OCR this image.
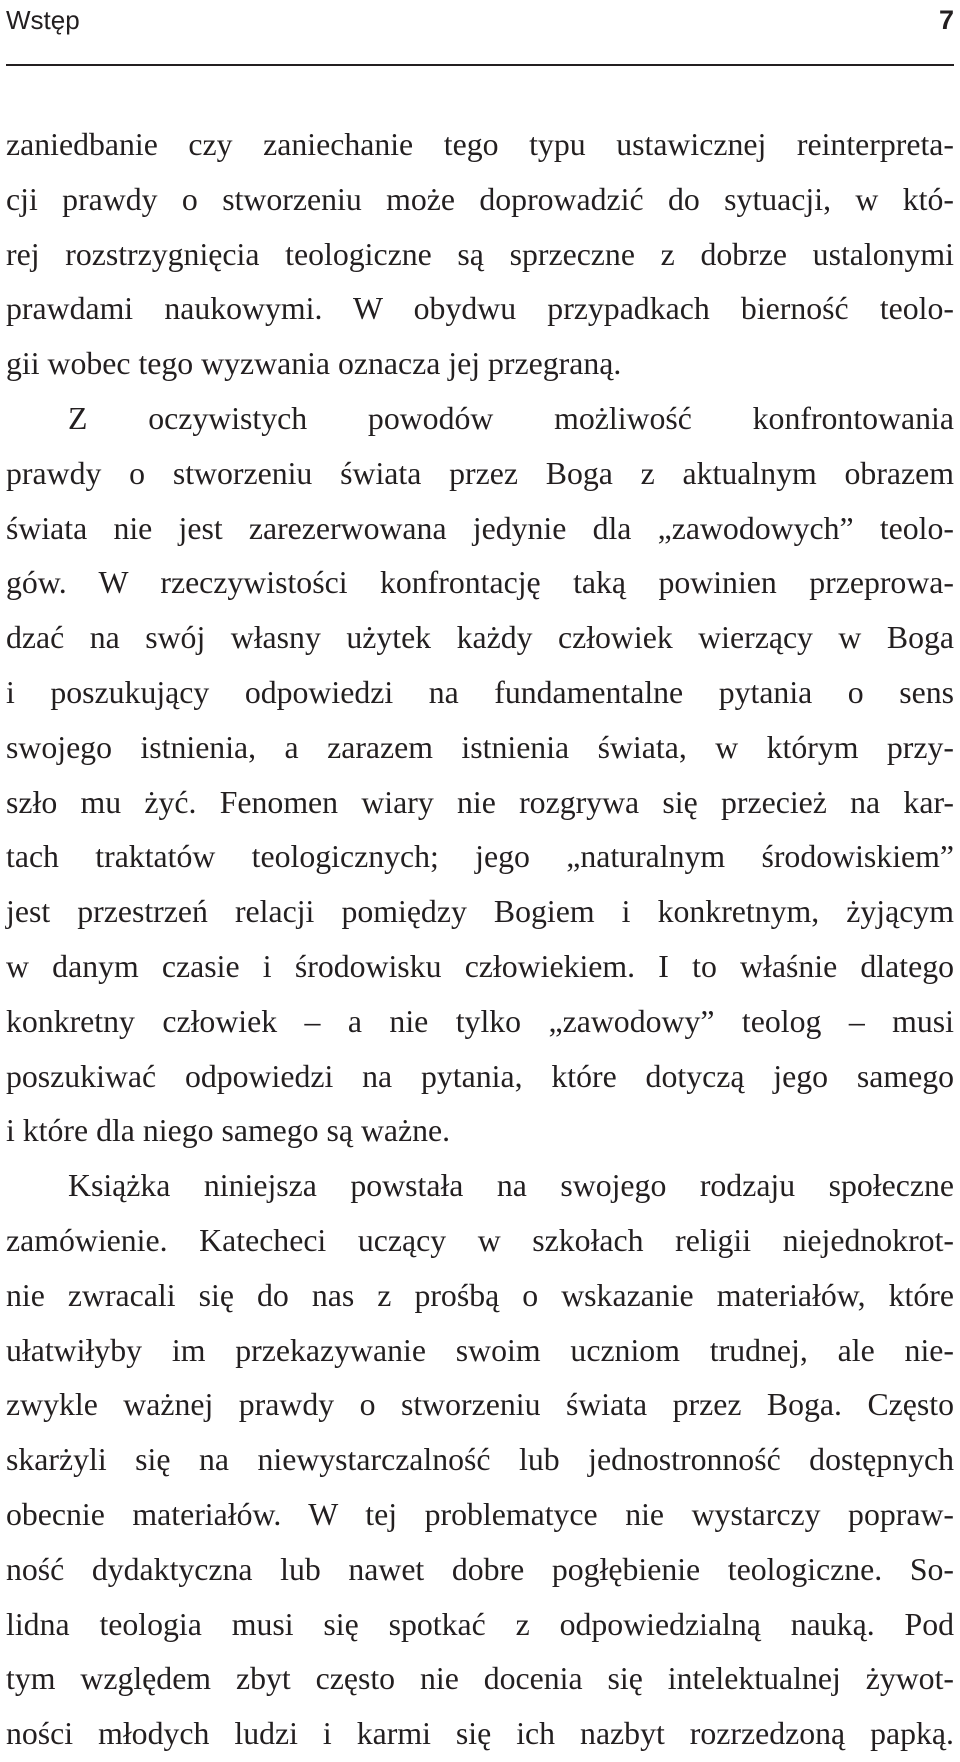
Wstęp	7
zaniedbanie czy zaniechanie tego typu ustawicznej reinterpreta-
cji prawdy o stworzeniu może doprowadzić do sytuacji, w któ-
rej rozstrzygnięcia teologiczne są sprzeczne z dobrze ustalonymi
prawdami naukowymi. W obydwu przypadkach bierność teolo-
gii wobec tego wyzwania oznacza jej przegraną.
Z oczywistych powodów możliwość konfrontowania
prawdy o stworzeniu świata przez Boga z aktualnym obrazem
świata nie jest zarezerwowana jedynie dla „zawodowych” teolo-
gów. W rzeczywistości konfrontację taką powinien przeprowa-
dzać na swój własny użytek każdy człowiek wierzący w Boga
i poszukujący odpowiedzi na fundamentalne pytania o sens
swojego istnienia, a zarazem istnienia świata, w którym przy-
szło mu żyć. Fenomen wiary nie rozgrywa się przecież na kar-
tach traktatów teologicznych; jego „naturalnym środowiskiem”
jest przestrzeń relacji pomiędzy Bogiem i konkretnym, żyjącym
w danym czasie i środowisku człowiekiem. I to właśnie dlatego
konkretny człowiek – a nie tylko „zawodowy” teolog – musi
poszukiwać odpowiedzi na pytania, które dotyczą jego samego
i które dla niego samego są ważne.
Książka niniejsza powstała na swojego rodzaju społeczne
zamówienie. Katecheci uczący w szkołach religii niejednokrot-
nie zwracali się do nas z prośbą o wskazanie materiałów, które
ułatwiłyby im przekazywanie swoim uczniom trudnej, ale nie-
zwykle ważnej prawdy o stworzeniu świata przez Boga. Często
skarżyli się na niewystarczalność lub jednostronność dostępnych
obecnie materiałów. W tej problematyce nie wystarczy popraw-
ność dydaktyczna lub nawet dobre pogłębienie teologiczne. So-
lidna teologia musi się spotkać z odpowiedzialną nauką. Pod
tym względem zbyt często nie docenia się intelektualnej żywot-
ności młodych ludzi i karmi się ich nazbyt rozrzedzoną papką.
